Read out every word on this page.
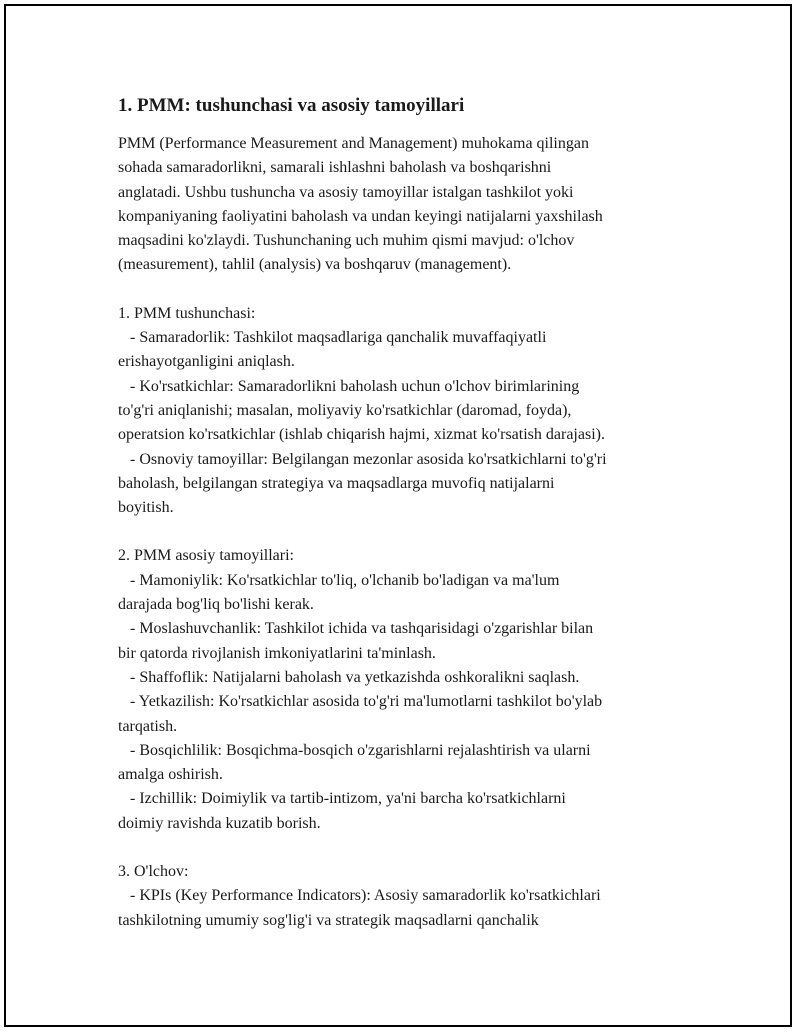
1. PMM: tushunchasi va asosiy tamoyillari

PMM (Performance Measurement and Management) muhokama qilingan
sohada samaradorlikni, samarali ishlashni baholash va boshqarishni
anglatadi. Ushbu tushuncha va asosiy tamoyillar istalgan tashkilot yoki
kompaniyaning faoliyatini baholash va undan keyingi natijalarni yaxshilash
maqsadini ko'zlaydi. Tushunchaning uch muhim qismi mavjud: o'lchov
(measurement), tahlil (analysis) va boshqaruv (management).

1. PMM tushunchasi:
- Samaradorlik: Tashkilot maqsadlariga qanchalik muvaffaqiyatli
erishayotganligini aniqlash.
- Ko'rsatkichlar: Samaradorlikni baholash uchun o'lchov birimlarining
to'g'ri aniqlanishi; masalan, moliyaviy ko'rsatkichlar (daromad, foyda),
operatsion ko'rsatkichlar (ishlab chiqarish hajmi, xizmat ko'rsatish darajasi).
- Osnoviy tamoyillar: Belgilangan mezonlar asosida ko'rsatkichlarni to'g'ri
baholash, belgilangan strategiya va maqsadlarga muvofiq natijalarni
boyitish.
2. PMM asosiy tamoyillari:
- Mamoniylik: Ko'rsatkichlar to'liq, o'lchanib bo'ladigan va ma'lum
darajada bog'liq bo'lishi kerak.
- Moslashuvchanlik: Tashkilot ichida va tashqarisidagi o'zgarishlar bilan
bir qatorda rivojlanish imkoniyatlarini ta'minlash.
- Shaffoflik: Natijalarni baholash va yetkazishda oshkoralikni saqlash.
- Yetkazilish: Ko'rsatkichlar asosida to'g'ri ma'lumotlarni tashkilot bo'ylab
tarqatish.
- Bosqichlilik: Bosqichma-bosqich o'zgarishlarni rejalashtirish va ularni
amalga oshirish.
- Izchillik: Doimiylik va tartib-intizom, ya'ni barcha ko'rsatkichlarni
doimiy ravishda kuzatib borish.
3. O'lchov:
- KPIs (Key Performance Indicators): Asosiy samaradorlik ko'rsatkichlari
tashkilotning umumiy sog'lig'i va strategik maqsadlarni qanchalik
